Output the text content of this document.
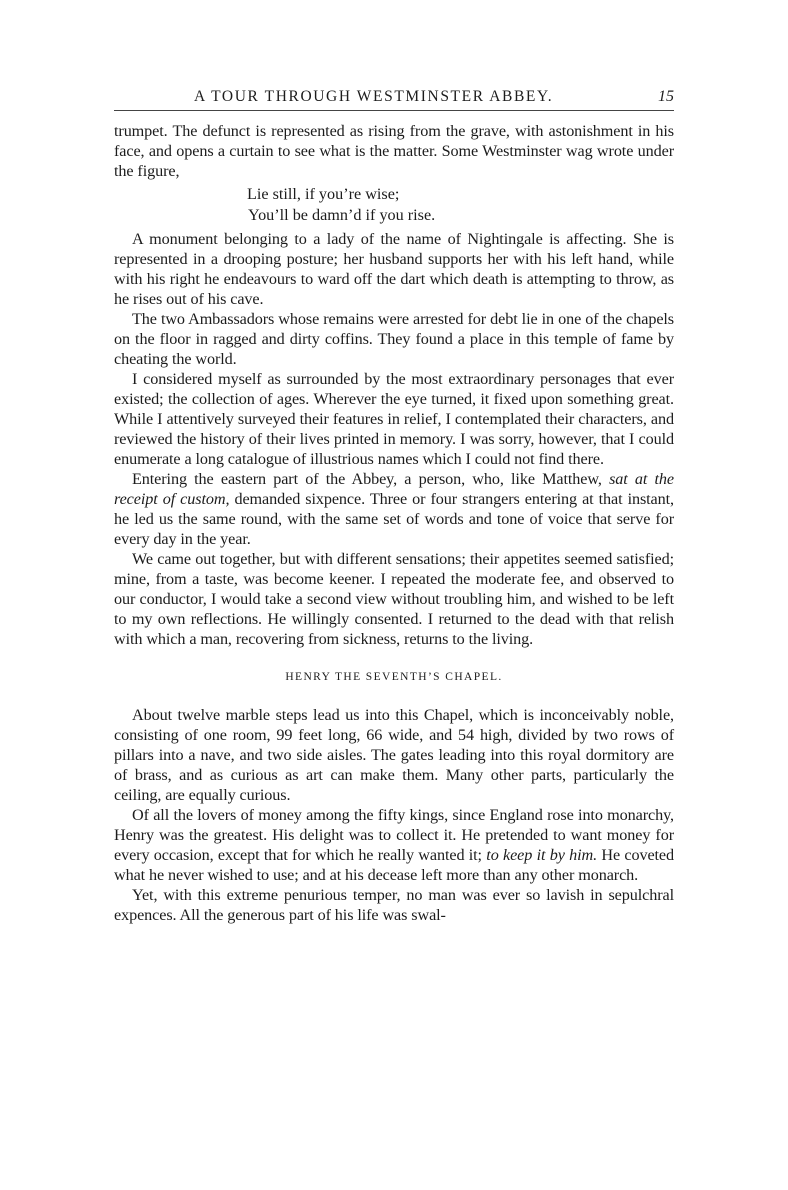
A TOUR THROUGH WESTMINSTER ABBEY.	15

trumpet. The defunct is represented as rising from the grave, with astonishment in his face, and opens a curtain to see what is the matter. Some Westminster wag wrote under the figure,

Lie still, if you’re wise;
You’ll be damn’d if you rise.

A monument belonging to a lady of the name of Nightingale is affecting. She is represented in a drooping posture; her husband supports her with his left hand, while with his right he endeavours to ward off the dart which death is attempting to throw, as he rises out of his cave.

The two Ambassadors whose remains were arrested for debt lie in one of the chapels on the floor in ragged and dirty coffins. They found a place in this temple of fame by cheating the world.

I considered myself as surrounded by the most extraordinary personages that ever existed; the collection of ages. Wherever the eye turned, it fixed upon something great. While I attentively surveyed their features in relief, I contemplated their characters, and reviewed the history of their lives printed in memory. I was sorry, however, that I could enumerate a long catalogue of illustrious names which I could not find there.

Entering the eastern part of the Abbey, a person, who, like Matthew, sat at the receipt of custom, demanded sixpence. Three or four strangers entering at that instant, he led us the same round, with the same set of words and tone of voice that serve for every day in the year.

We came out together, but with different sensations; their appetites seemed satisfied; mine, from a taste, was become keener. I repeated the moderate fee, and observed to our conductor, I would take a second view without troubling him, and wished to be left to my own reflections. He willingly consented. I returned to the dead with that relish with which a man, recovering from sickness, returns to the living.

HENRY THE SEVENTH’S CHAPEL.

About twelve marble steps lead us into this Chapel, which is inconceivably noble, consisting of one room, 99 feet long, 66 wide, and 54 high, divided by two rows of pillars into a nave, and two side aisles. The gates leading into this royal dormitory are of brass, and as curious as art can make them. Many other parts, particularly the ceiling, are equally curious.

Of all the lovers of money among the fifty kings, since England rose into monarchy, Henry was the greatest. His delight was to collect it. He pretended to want money for every occasion, except that for which he really wanted it; to keep it by him. He coveted what he never wished to use; and at his decease left more than any other monarch.

Yet, with this extreme penurious temper, no man was ever so lavish in sepulchral expences. All the generous part of his life was swal-
